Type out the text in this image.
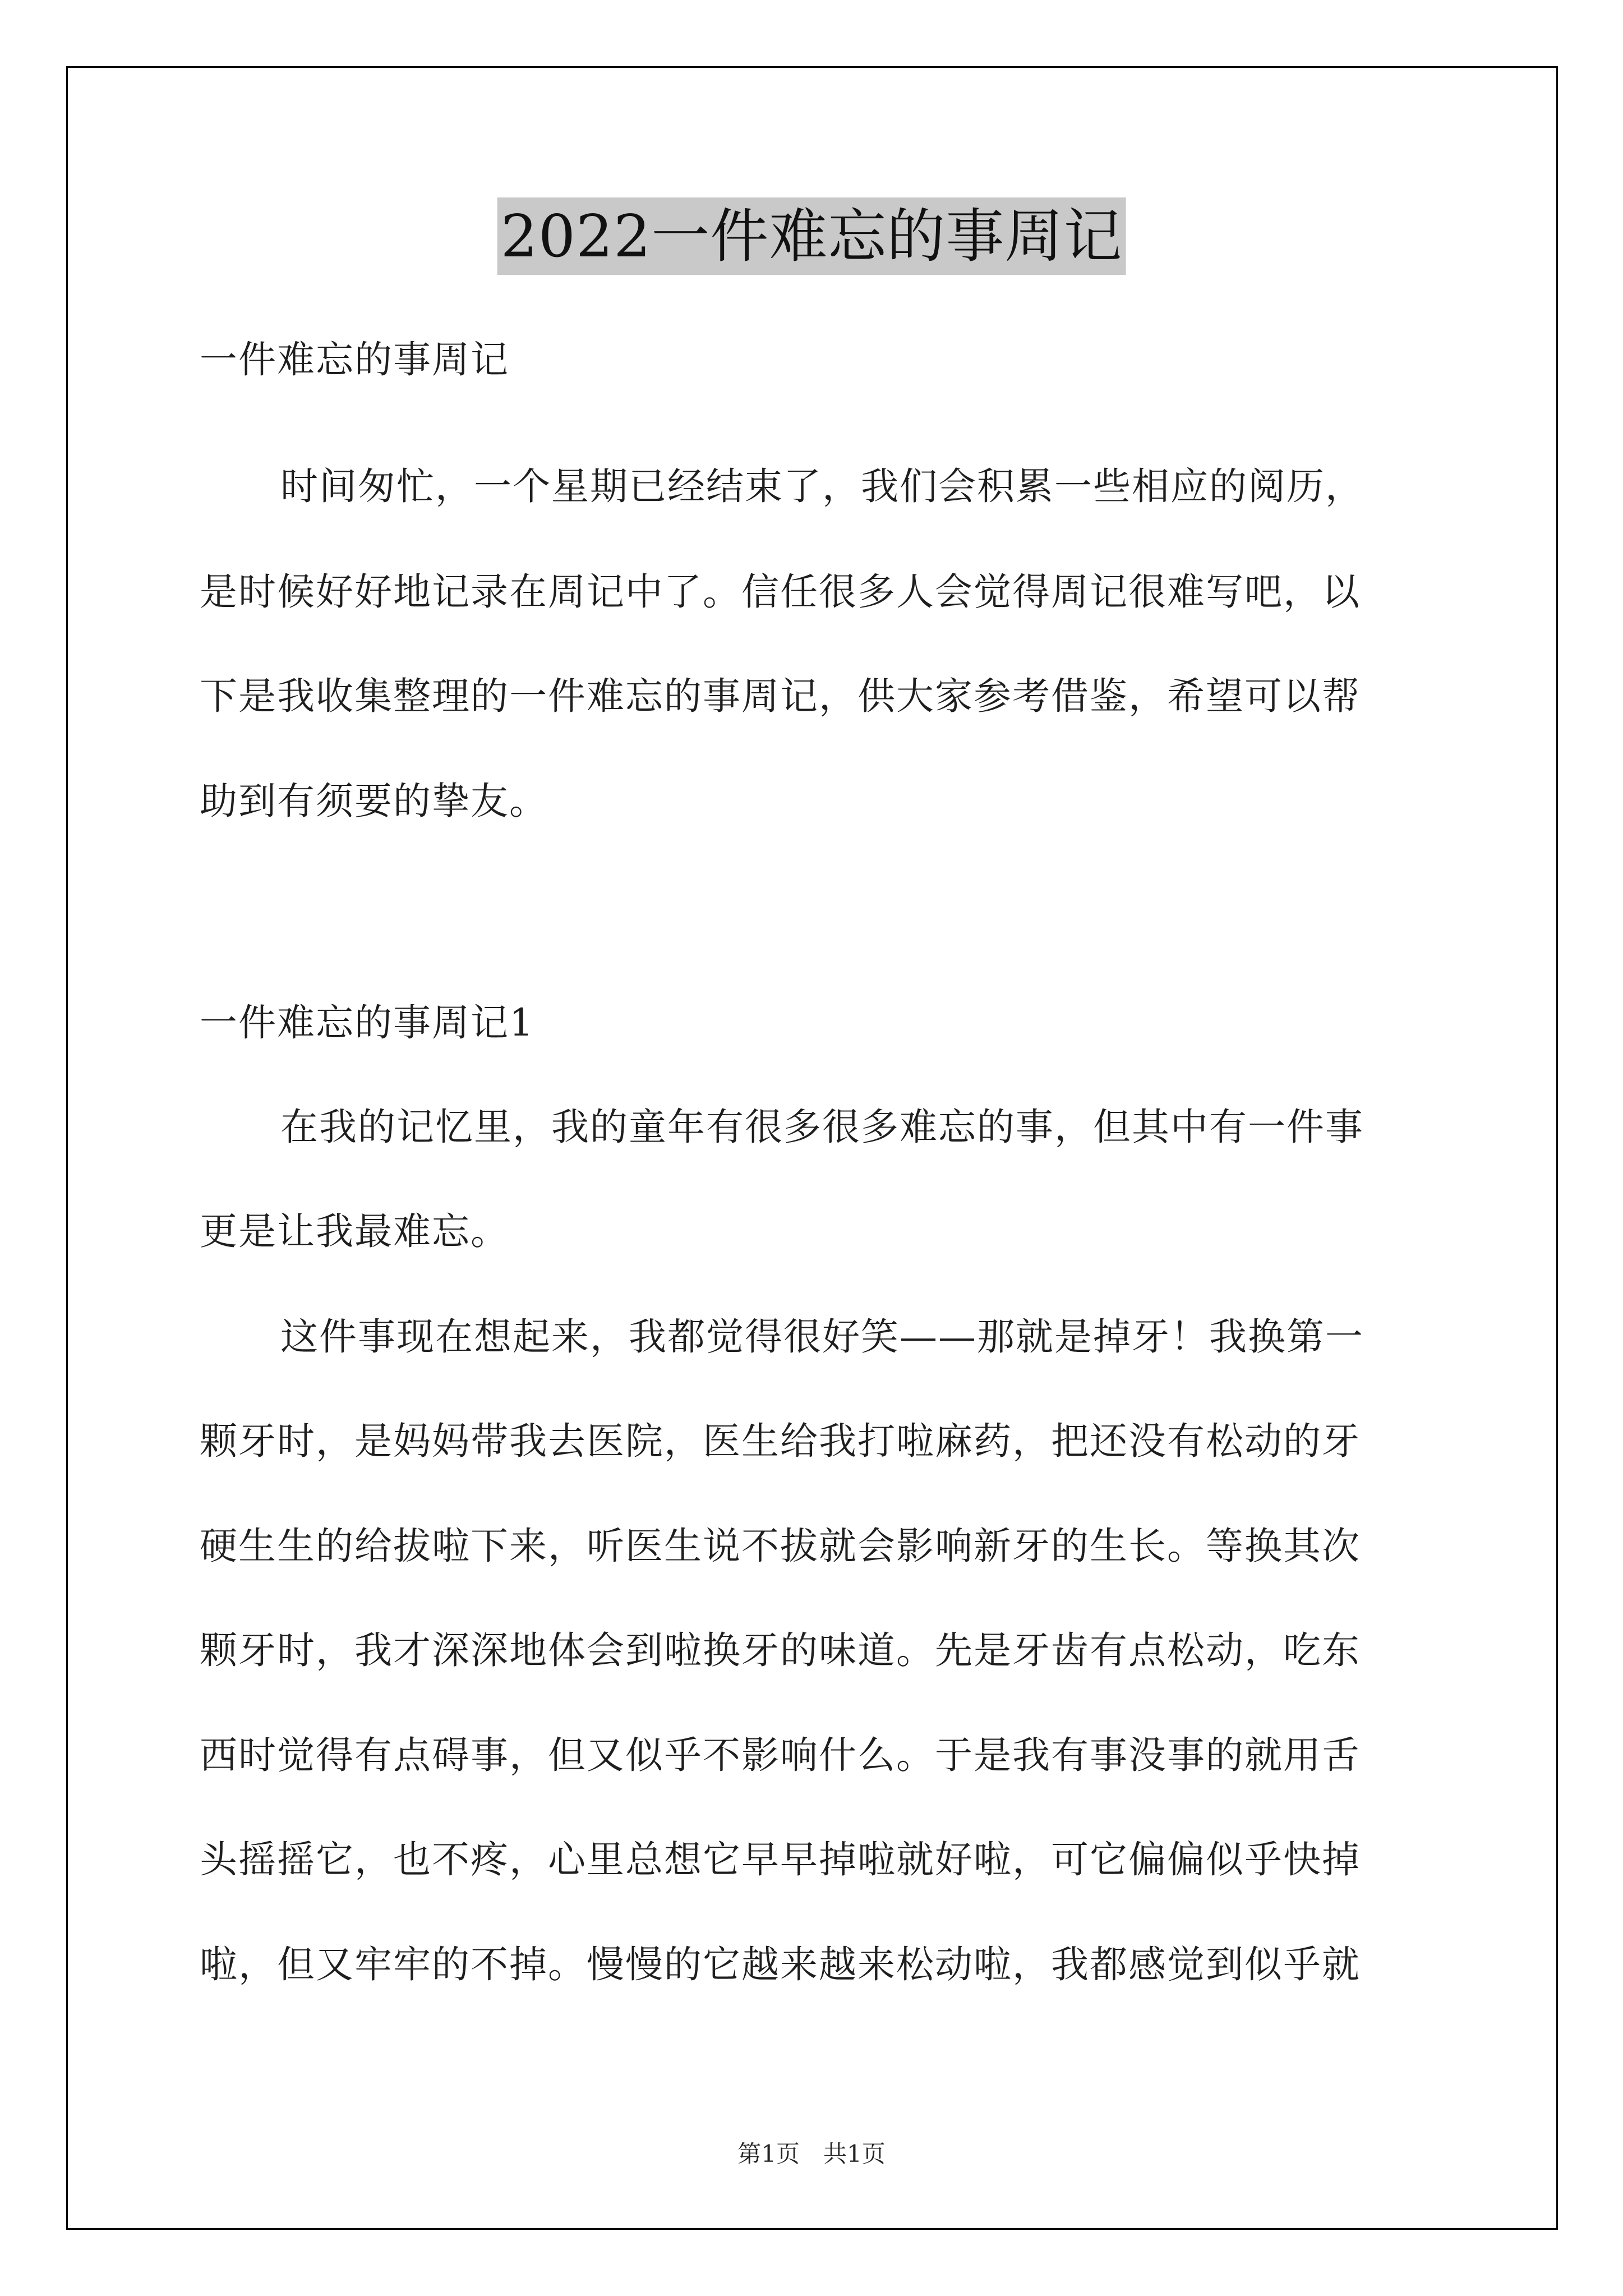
2022一件难忘的事周记
一件难忘的事周记
时间匆忙，一个星期已经结束了，我们会积累一些相应的阅历，
是时候好好地记录在周记中了。信任很多人会觉得周记很难写吧，以
下是我收集整理的一件难忘的事周记，供大家参考借鉴，希望可以帮
助到有须要的挚友。
一件难忘的事周记1
在我的记忆里，我的童年有很多很多难忘的事，但其中有一件事
更是让我最难忘。
这件事现在想起来，我都觉得很好笑——那就是掉牙！我换第一
颗牙时，是妈妈带我去医院，医生给我打啦麻药，把还没有松动的牙
硬生生的给拔啦下来，听医生说不拔就会影响新牙的生长。等换其次
颗牙时，我才深深地体会到啦换牙的味道。先是牙齿有点松动，吃东
西时觉得有点碍事，但又似乎不影响什么。于是我有事没事的就用舌
头摇摇它，也不疼，心里总想它早早掉啦就好啦，可它偏偏似乎快掉
啦，但又牢牢的不掉。慢慢的它越来越来松动啦，我都感觉到似乎就
第1页　共1页
